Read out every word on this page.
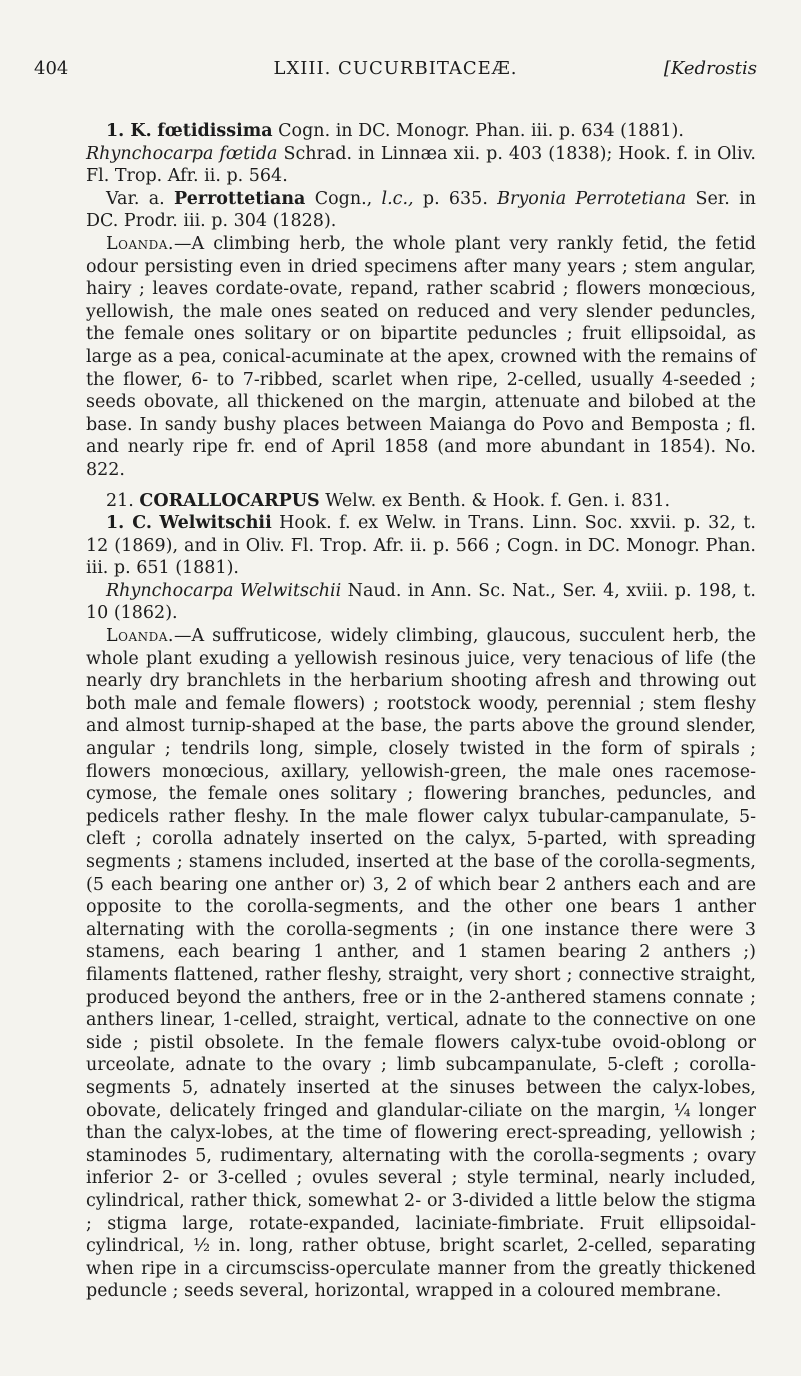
404	LXIII. CUCURBITACEÆ.	[Kedrostis

1. K. fœtidissima Cogn. in DC. Monogr. Phan. iii. p. 634 (1881).

Rhynchocarpa fœtida Schrad. in Linnæa xii. p. 403 (1838); Hook. f. in Oliv. Fl. Trop. Afr. ii. p. 564.

Var. a. Perrottetiana Cogn., l.c., p. 635. Bryonia Perrotetiana Ser. in DC. Prodr. iii. p. 304 (1828).

Loanda.—A climbing herb, the whole plant very rankly fetid, the fetid odour persisting even in dried specimens after many years ; stem angular, hairy ; leaves cordate-ovate, repand, rather scabrid ; flowers monœcious, yellowish, the male ones seated on reduced and very slender peduncles, the female ones solitary or on bipartite peduncles ; fruit ellipsoidal, as large as a pea, conical-acuminate at the apex, crowned with the remains of the flower, 6- to 7-ribbed, scarlet when ripe, 2-celled, usually 4-seeded ; seeds obovate, all thickened on the margin, attenuate and bilobed at the base. In sandy bushy places between Maianga do Povo and Bemposta ; fl. and nearly ripe fr. end of April 1858 (and more abundant in 1854). No. 822.

21. CORALLOCARPUS Welw. ex Benth. & Hook. f. Gen. i. 831.

1. C. Welwitschii Hook. f. ex Welw. in Trans. Linn. Soc. xxvii. p. 32, t. 12 (1869), and in Oliv. Fl. Trop. Afr. ii. p. 566 ; Cogn. in DC. Monogr. Phan. iii. p. 651 (1881).

Rhynchocarpa Welwitschii Naud. in Ann. Sc. Nat., Ser. 4, xviii. p. 198, t. 10 (1862).

Loanda.—A suffruticose, widely climbing, glaucous, succulent herb, the whole plant exuding a yellowish resinous juice, very tenacious of life (the nearly dry branchlets in the herbarium shooting afresh and throwing out both male and female flowers) ; rootstock woody, perennial ; stem fleshy and almost turnip-shaped at the base, the parts above the ground slender, angular ; tendrils long, simple, closely twisted in the form of spirals ; flowers monœcious, axillary, yellowish-green, the male ones racemose-cymose, the female ones solitary ; flowering branches, peduncles, and pedicels rather fleshy. In the male flower calyx tubular-campanulate, 5-cleft ; corolla adnately inserted on the calyx, 5-parted, with spreading segments ; stamens included, inserted at the base of the corolla-segments, (5 each bearing one anther or) 3, 2 of which bear 2 anthers each and are opposite to the corolla-segments, and the other one bears 1 anther alternating with the corolla-segments ; (in one instance there were 3 stamens, each bearing 1 anther, and 1 stamen bearing 2 anthers ;) filaments flattened, rather fleshy, straight, very short ; connective straight, produced beyond the anthers, free or in the 2-anthered stamens connate ; anthers linear, 1-celled, straight, vertical, adnate to the connective on one side ; pistil obsolete. In the female flowers calyx-tube ovoid-oblong or urceolate, adnate to the ovary ; limb subcampanulate, 5-cleft ; corolla-segments 5, adnately inserted at the sinuses between the calyx-lobes, obovate, delicately fringed and glandular-ciliate on the margin, ¼ longer than the calyx-lobes, at the time of flowering erect-spreading, yellowish ; staminodes 5, rudimentary, alternating with the corolla-segments ; ovary inferior 2- or 3-celled ; ovules several ; style terminal, nearly included, cylindrical, rather thick, somewhat 2- or 3-divided a little below the stigma ; stigma large, rotate-expanded, laciniate-fimbriate. Fruit ellipsoidal-cylindrical, ½ in. long, rather obtuse, bright scarlet, 2-celled, separating when ripe in a circumsciss-operculate manner from the greatly thickened peduncle ; seeds several, horizontal, wrapped in a coloured membrane.
